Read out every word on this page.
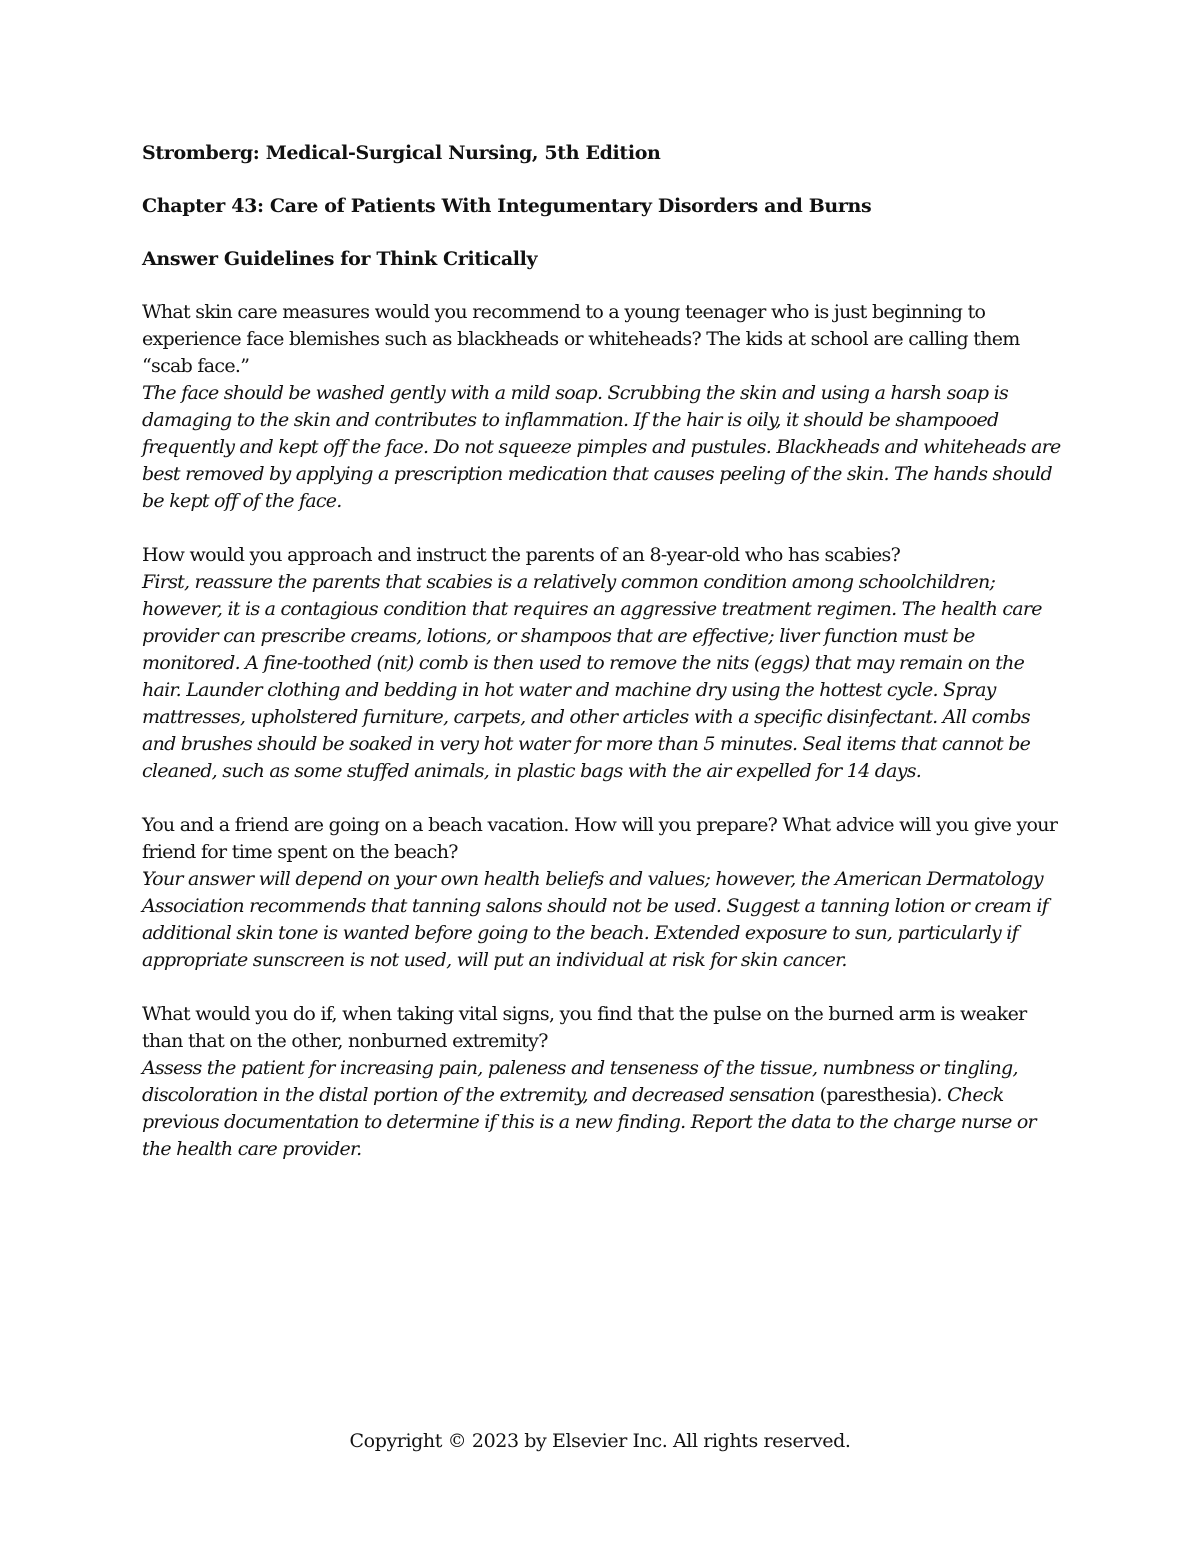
Stromberg: Medical-Surgical Nursing, 5th Edition

Chapter 43: Care of Patients With Integumentary Disorders and Burns

Answer Guidelines for Think Critically

What skin care measures would you recommend to a young teenager who is just beginning to experience face blemishes such as blackheads or whiteheads? The kids at school are calling them “scab face.”

The face should be washed gently with a mild soap. Scrubbing the skin and using a harsh soap is damaging to the skin and contributes to inflammation. If the hair is oily, it should be shampooed frequently and kept off the face. Do not squeeze pimples and pustules. Blackheads and whiteheads are best removed by applying a prescription medication that causes peeling of the skin. The hands should be kept off of the face.

How would you approach and instruct the parents of an 8-year-old who has scabies?

First, reassure the parents that scabies is a relatively common condition among schoolchildren; however, it is a contagious condition that requires an aggressive treatment regimen. The health care provider can prescribe creams, lotions, or shampoos that are effective; liver function must be monitored. A fine-toothed (nit) comb is then used to remove the nits (eggs) that may remain on the hair. Launder clothing and bedding in hot water and machine dry using the hottest cycle. Spray mattresses, upholstered furniture, carpets, and other articles with a specific disinfectant. All combs and brushes should be soaked in very hot water for more than 5 minutes. Seal items that cannot be cleaned, such as some stuffed animals, in plastic bags with the air expelled for 14 days.

You and a friend are going on a beach vacation. How will you prepare? What advice will you give your friend for time spent on the beach?

Your answer will depend on your own health beliefs and values; however, the American Dermatology Association recommends that tanning salons should not be used. Suggest a tanning lotion or cream if additional skin tone is wanted before going to the beach. Extended exposure to sun, particularly if appropriate sunscreen is not used, will put an individual at risk for skin cancer.

What would you do if, when taking vital signs, you find that the pulse on the burned arm is weaker than that on the other, nonburned extremity?

Assess the patient for increasing pain, paleness and tenseness of the tissue, numbness or tingling, discoloration in the distal portion of the extremity, and decreased sensation (paresthesia). Check previous documentation to determine if this is a new finding. Report the data to the charge nurse or the health care provider.

Copyright © 2023 by Elsevier Inc. All rights reserved.
